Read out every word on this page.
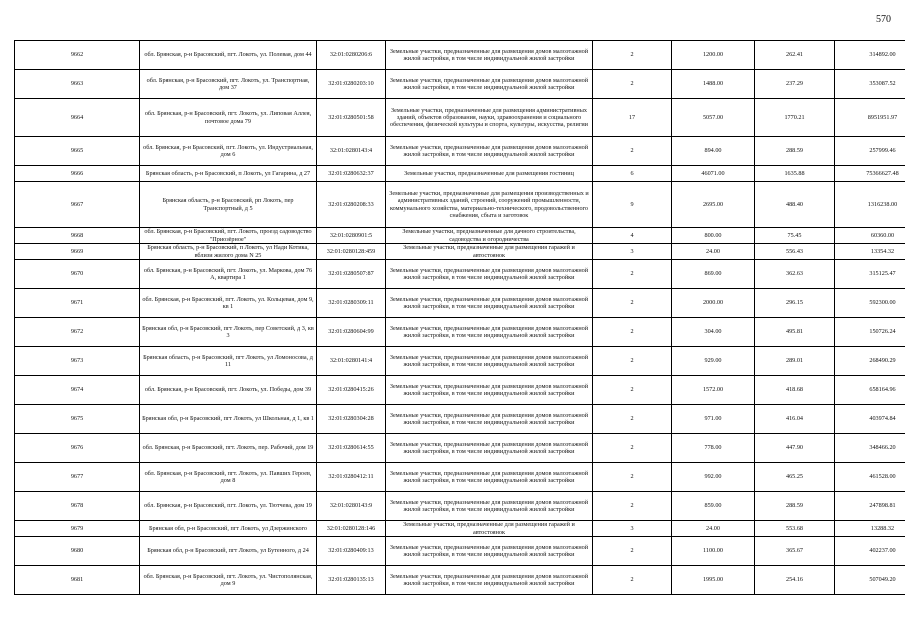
570
9662	обл. Брянская, р-н Брасовский, пгт. Локоть, ул. Полевая, дом 44	32:01:0280206:6	Земельные участки, предназначенные для размещения домов малоэтажной жилой застройки, в том числе индивидуальной жилой застройки	2	1200.00	262.41	314892.00
9663	обл. Брянская, р-н Брасовский, пгт. Локоть, ул. Транспортная, дом 37	32:01:0280203:10	Земельные участки, предназначенные для размещения домов малоэтажной жилой застройки, в том числе индивидуальной жилой застройки	2	1488.00	237.29	353087.52
9664	обл. Брянская, р-н Брасовский, пгт. Локоть, ул. Липовая Аллея, почтовое дома 79	32:01:0280501:58	Земельные участки, предназначенные для размещения административных зданий, объектов образования, науки, здравоохранения и социального обеспечения, физической культуры и спорта, культуры, искусства, религии	17	5057.00	1770.21	8951951.97
9665	обл. Брянская, р-н Брасовский, пгт. Локоть, ул. Индустриальная, дом 6	32:01:0280143:4	Земельные участки, предназначенные для размещения домов малоэтажной жилой застройки, в том числе индивидуальной жилой застройки	2	894.00	288.59	257999.46
9666	Брянская область, р-н Брасовский, п Локоть, ул Гагарина, д 27	32:01:0280632:37	Земельные участки, предназначенные для размещения гостиниц	6	46071.00	1635.88	75366627.48
9667	Брянская область, р-н Брасовский, рп Локоть, пер Транспортный, д 5	32:01:0280208:33	Земельные участки, предназначенные для размещения производственных и административных зданий, строений, сооружений промышленности, коммунального хозяйства, материально-технического, продовольственного снабжения, сбыта и заготовок	9	2695.00	488.40	1316238.00
9668	обл. Брянская, р-н Брасовский, пгт. Локоть, проезд садоводство "Приозёрное"	32:01:0280901:5	Земельные участки, предназначенные для дачного строительства, садоводства и огородничества	4	800.00	75.45	60360.00
9669	Брянская область, р-н Брасовский, п Локоть, ул Нади Котика, вблизи жилого дома N 25	32:01:0280128:459	Земельные участки, предназначенные для размещения гаражей и автостоянок	3	24.00	556.43	13354.32
9670	обл. Брянская, р-н Брасовский, пгт. Локоть, ул. Маркова, дом 76 А, квартира 1	32:01:0280507:87	Земельные участки, предназначенные для размещения домов малоэтажной жилой застройки, в том числе индивидуальной жилой застройки	2	869.00	362.63	315125.47
9671	обл. Брянская, р-н Брасовский, пгт. Локоть, ул. Кольцевая, дом 9, кв 1	32:01:0280309:11	Земельные участки, предназначенные для размещения домов малоэтажной жилой застройки, в том числе индивидуальной жилой застройки	2	2000.00	296.15	592300.00
9672	Брянская обл, р-н Брасовский, пгт Локоть, пер Советский, д 3, кв 3	32:01:0280604:99	Земельные участки, предназначенные для размещения домов малоэтажной жилой застройки, в том числе индивидуальной жилой застройки	2	304.00	495.81	150726.24
9673	Брянская область, р-н Брасовский, пгт Локоть, ул Ломоносова, д 11	32:01:0280141:4	Земельные участки, предназначенные для размещения домов малоэтажной жилой застройки, в том числе индивидуальной жилой застройки	2	929.00	289.01	268490.29
9674	обл. Брянская, р-н Брасовский, пгт. Локоть, ул. Победы, дом 39	32:01:0280415:26	Земельные участки, предназначенные для размещения домов малоэтажной жилой застройки, в том числе индивидуальной жилой застройки	2	1572.00	418.68	658164.96
9675	Брянская обл, р-н Брасовский, пгт Локоть, ул Школьная, д 1, кв 1	32:01:0280304:28	Земельные участки, предназначенные для размещения домов малоэтажной жилой застройки, в том числе индивидуальной жилой застройки	2	971.00	416.04	403974.84
9676	обл. Брянская, р-н Брасовский, пгт. Локоть, пер. Рабочий, дом 19	32:01:0280614:55	Земельные участки, предназначенные для размещения домов малоэтажной жилой застройки, в том числе индивидуальной жилой застройки	2	778.00	447.90	348466.20
9677	обл. Брянская, р-н Брасовский, пгт. Локоть, ул. Павших Героев, дом 8	32:01:0280412:11	Земельные участки, предназначенные для размещения домов малоэтажной жилой застройки, в том числе индивидуальной жилой застройки	2	992.00	465.25	461528.00
9678	обл. Брянская, р-н Брасовский, пгт. Локоть, ул. Тютчева, дом 19	32:01:0280143:9	Земельные участки, предназначенные для размещения домов малоэтажной жилой застройки, в том числе индивидуальной жилой застройки	2	859.00	288.59	247898.81
9679	Брянская обл, р-н Брасовский, пгт Локоть, ул Дзержинского	32:01:0280128:146	Земельные участки, предназначенные для размещения гаражей и автостоянок	3	24.00	553.68	13288.32
9680	Брянская обл, р-н Брасовский, пгт Локоть, ул Бутенного, д 24	32:01:0280409:13	Земельные участки, предназначенные для размещения домов малоэтажной жилой застройки, в том числе индивидуальной жилой застройки	2	1100.00	365.67	402237.00
9681	обл. Брянская, р-н Брасовский, пгт. Локоть, ул. Чистополянская, дом 9	32:01:0280135:13	Земельные участки, предназначенные для размещения домов малоэтажной жилой застройки, в том числе индивидуальной жилой застройки	2	1995.00	254.16	507049.20
